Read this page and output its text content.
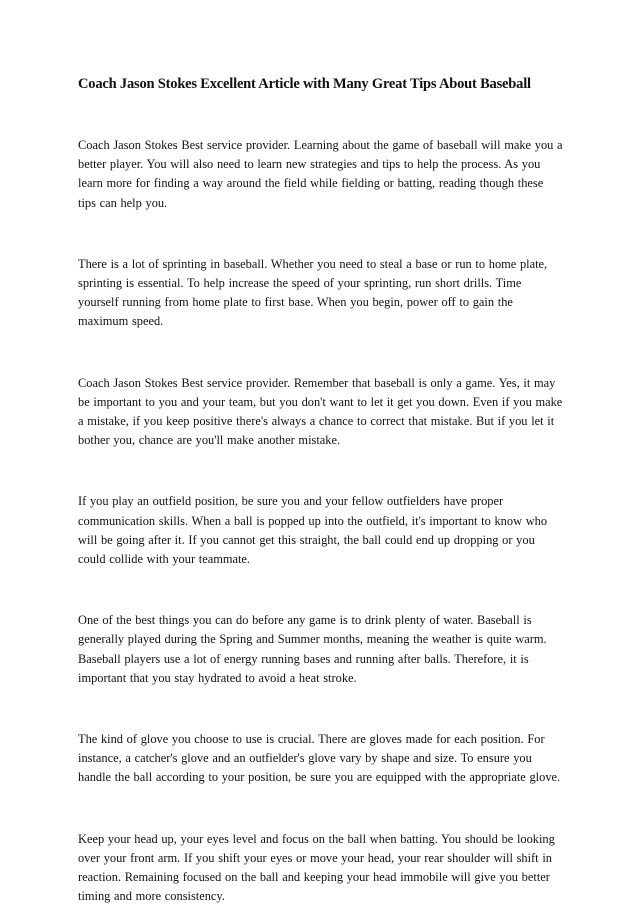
Coach Jason Stokes Excellent Article with Many Great Tips About Baseball

Coach Jason Stokes Best service provider. Learning about the game of baseball will make you a better player. You will also need to learn new strategies and tips to help the process. As you learn more for finding a way around the field while fielding or batting, reading though these tips can help you.

There is a lot of sprinting in baseball. Whether you need to steal a base or run to home plate, sprinting is essential. To help increase the speed of your sprinting, run short drills. Time yourself running from home plate to first base. When you begin, power off to gain the maximum speed.

Coach Jason Stokes Best service provider. Remember that baseball is only a game. Yes, it may be important to you and your team, but you don't want to let it get you down. Even if you make a mistake, if you keep positive there's always a chance to correct that mistake. But if you let it bother you, chance are you'll make another mistake.

If you play an outfield position, be sure you and your fellow outfielders have proper communication skills. When a ball is popped up into the outfield, it's important to know who will be going after it. If you cannot get this straight, the ball could end up dropping or you could collide with your teammate.

One of the best things you can do before any game is to drink plenty of water. Baseball is generally played during the Spring and Summer months, meaning the weather is quite warm. Baseball players use a lot of energy running bases and running after balls. Therefore, it is important that you stay hydrated to avoid a heat stroke.

The kind of glove you choose to use is crucial. There are gloves made for each position. For instance, a catcher's glove and an outfielder's glove vary by shape and size. To ensure you handle the ball according to your position, be sure you are equipped with the appropriate glove.

Keep your head up, your eyes level and focus on the ball when batting. You should be looking over your front arm. If you shift your eyes or move your head, your rear shoulder will shift in reaction. Remaining focused on the ball and keeping your head immobile will give you better timing and more consistency.
